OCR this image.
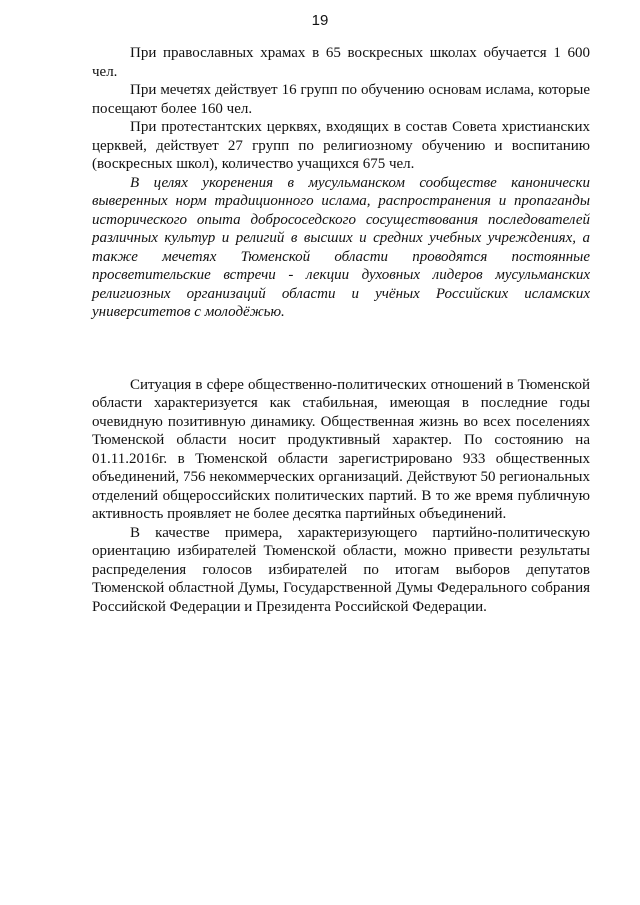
19

При православных храмах в 65 воскресных школах обучается 1 600 чел.

При мечетях действует 16 групп по обучению основам ислама, которые посещают более 160 чел.

При протестантских церквях, входящих в состав Совета христианских церквей, действует 27 групп по религиозному обучению и воспитанию (воскресных школ), количество учащихся 675 чел.

В целях укоренения в мусульманском сообществе канонически выверенных норм традиционного ислама, распространения и пропаганды исторического опыта добрососедского сосуществования последователей различных культур и религий в высших и средних учебных учреждениях, а также мечетях Тюменской области проводятся постоянные просветительские встречи - лекции духовных лидеров мусульманских религиозных организаций области и учёных Российских исламских университетов с молодёжью.

Ситуация в сфере общественно-политических отношений в Тюменской области характеризуется как стабильная, имеющая в последние годы очевидную позитивную динамику. Общественная жизнь во всех поселениях Тюменской области носит продуктивный характер. По состоянию на 01.11.2016г. в Тюменской области зарегистрировано 933 общественных объединений, 756 некоммерческих организаций. Действуют 50 региональных отделений общероссийских политических партий. В то же время публичную активность проявляет не более десятка партийных объединений.

В качестве примера, характеризующего партийно-политическую ориентацию избирателей Тюменской области, можно привести результаты распределения голосов избирателей по итогам выборов депутатов Тюменской областной Думы, Государственной Думы Федерального собрания Российской Федерации и Президента Российской Федерации.
